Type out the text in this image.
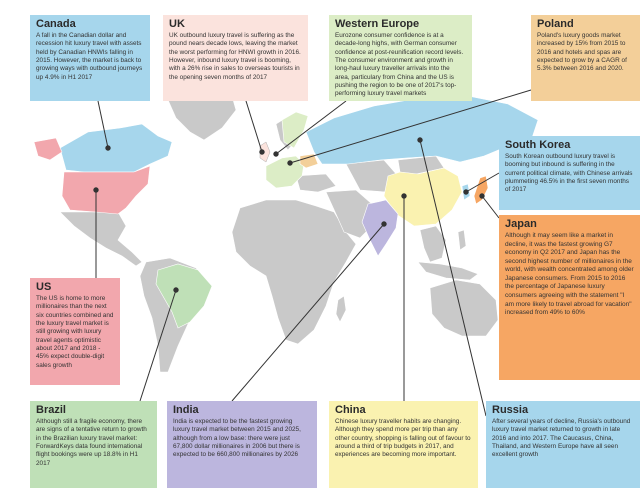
Canada

A fall in the Canadian dollar and recession hit luxury travel with assets held by Canadian HNWIs falling in 2015. However, the market is back to growing ways with outbound journeys up 4.9% in H1 2017

UK

UK outbound luxury travel is suffering as the pound nears decade lows, leaving the market the worst performing for HNWI growth in 2016. However, inbound luxury travel is booming, with a 26% rise in sales to overseas tourists in the opening seven months of 2017

Western Europe

Eurozone consumer confidence is at a decade-long highs, with German consumer confidence at post-reunification record levels. The consumer environment and growth in long-haul luxury traveller arrivals into the area, particulary from China and the US is pushing the region to be one of 2017's top-performing luxury travel markets

Poland

Poland's luxury goods market increased by 15% from 2015 to 2016 and hotels and spas are expected to grow by a CAGR of 5.3% between 2016 and 2020.

South Korea

South Korean outbound luxury travel is booming but inbound is suffering in the current political climate, with Chinese arrivals plummeting 46.5% in the first seven months of 2017

Japan

Although it may seem like a market in decline, it was the fastest growing G7 economy in Q2 2017 and Japan has the second highest number of millionaires in the world, with wealth concentrated among older Japanese consumers. From 2015 to 2016 the percentage of Japanese luxury consumers agreeing with the statement "I am more likely to travel abroad for vacation" increased from 49% to 60%

US

The US is home to more millionaires than the next six countries combined and the luxury travel market is still growing with luxury travel agents optimistic about 2017 and 2018 - 45% expect double-digit sales growth

Brazil

Although still a fragile economy, there are signs of a tentative return to growth in the Brazilian luxury travel market: ForwardKeys data found international flight bookings were up 18.8% in H1 2017

India

India is expected to be the fastest growing luxury travel market between 2015 and 2025, although from a low base: there were just 67,800 dollar millionaires in 2006 but there is expected to be 660,800 millionaires by 2026

China

Chinese luxury traveller habits are changing. Although they spend more per trip than any other country, shopping is falling out of favour to around a third of trip budgets in 2017, and experiences are becoming more important.

Russia

After several years of decline, Russia's outbound luxury travel market returned to growth in late 2016 and into 2017. The Caucasus, China, Thailand, and Western Europe have all seen excellent growth
